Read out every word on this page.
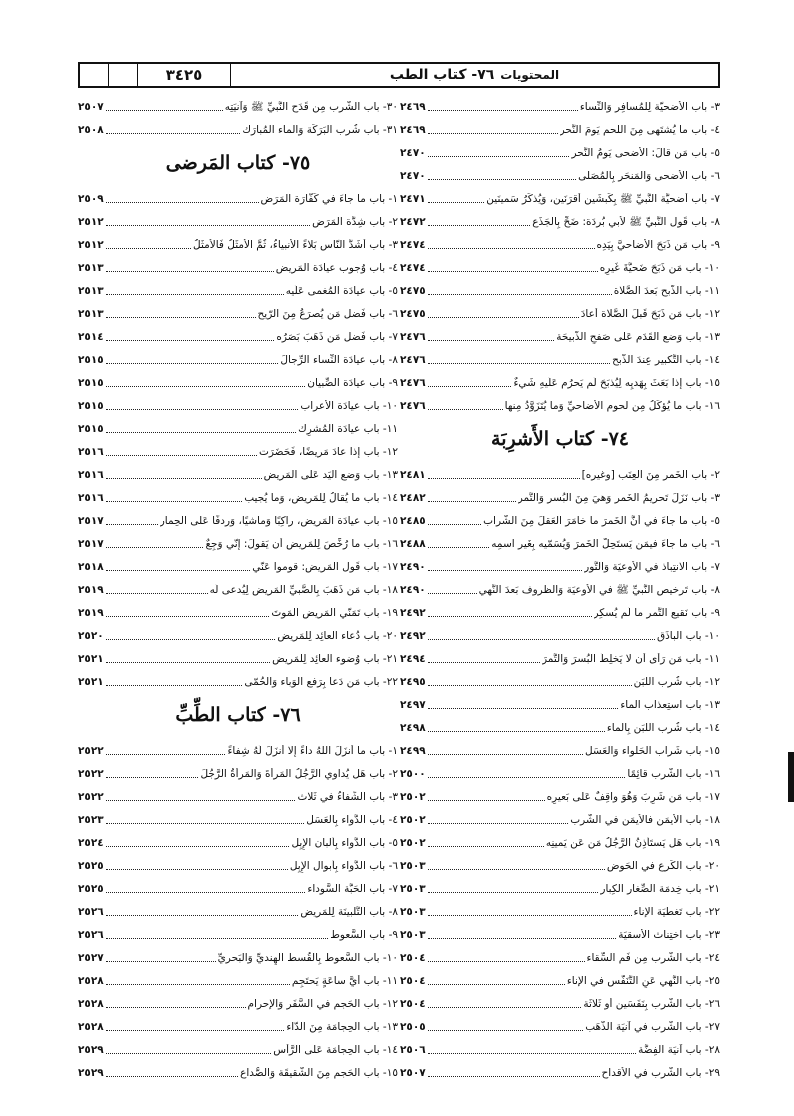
المحتويات
٧٦- كتاب الطب
٣٤٢٥
٣- باب الأُضحيّة لِلمُسافِر وَالنِّساء
٢٤٦٩
٤- باب ما يُشتَهى مِنَ اللَّحم يَومَ النَّحر
٢٤٦٩
٥- باب مَن قالَ: الأَضحى يَومُ النَّحر
٢٤٧٠
٦- باب الأَضحى وَالمَنحَر بِالمُصَلّى
٢٤٧٠
٧- باب أُضحيَّة النَّبيِّ ﷺ بِكَبشَين أَقرَنَين، وَيُذكَرُ سَمينَين
٢٤٧١
٨- باب قَول النَّبيِّ ﷺ لأَبي بُردَة: ضَحِّ بِالجَذَع
٢٤٧٢
٩- باب مَن ذَبَحَ الأَضاحيَّ بِيَدِه
٢٤٧٤
١٠- باب مَن ذَبَحَ ضَحيَّةَ غَيرِه
٢٤٧٤
١١- باب الذَّبح بَعدَ الصَّلاة
٢٤٧٥
١٢- باب مَن ذَبَحَ قَبلَ الصَّلاة أَعادَ
٢٤٧٥
١٣- باب وَضع القَدَم عَلى صَفحِ الذَّبيحَة
٢٤٧٦
١٤- باب التَّكبير عِندَ الذَّبح
٢٤٧٦
١٥- باب إذا بَعَثَ بِهَديِه لِيُذبَحَ لَم يَحرُم عَلَيهِ شَيءٌ
٢٤٧٦
١٦- باب ما يُؤكَلُ مِن لُحوم الأَضاحيِّ وَما يُتَزَوَّدُ مِنها
٢٤٧٦
٧٤- كتاب الأَشرِبَة
٢- باب الخَمر مِنَ العِنَب [وغيره]
٢٤٨١
٣- باب نَزَلَ تَحريمُ الخَمر وَهيَ مِنَ البُسر وَالتَّمر
٢٤٨٢
٥- باب ما جاءَ في أَنَّ الخَمرَ ما خامَرَ العَقلَ مِنَ الشَّراب
٢٤٨٥
٦- باب ما جاءَ فيمَن يَستَحِلُّ الخَمرَ وَيُسَمّيه بِغَير اسمِه
٢٤٨٨
٧- باب الانتِباذ في الأَوعيَة وَالتَّور
٢٤٩٠
٨- باب تَرخيص النَّبيِّ ﷺ في الأَوعيَة وَالظُّروف بَعدَ النَّهي
٢٤٩٠
٩- باب نَقيع التَّمر ما لَم يُسكِر
٢٤٩٢
١٠- باب الباذَق
٢٤٩٢
١١- باب مَن رَأى أَن لا يَخلِطَ البُسرَ وَالتَّمرَ
٢٤٩٤
١٢- باب شُرب اللَّبَن
٢٤٩٥
١٣- باب استِعذاب الماء
٢٤٩٧
١٤- باب شُرب اللَّبَن بِالماء
٢٤٩٨
١٥- باب شَراب الحَلواء وَالعَسَل
٢٤٩٩
١٦- باب الشُّرب قائِمًا
٢٥٠٠
١٧- باب مَن شَرِبَ وَهُوَ واقِفٌ عَلى بَعيرِه
٢٥٠٢
١٨- باب الأَيمَن فالأَيمَن في الشُّرب
٢٥٠٢
١٩- باب هَل يَستَأذِنُ الرَّجُلُ مَن عَن يَمينِه
٢٥٠٢
٢٠- باب الكَرع في الحَوض
٢٥٠٣
٢١- باب خِدمَة الصِّغار الكِبار
٢٥٠٣
٢٢- باب تَغطيَة الإناء
٢٥٠٣
٢٣- باب اختِناث الأَسقيَة
٢٥٠٣
٢٤- باب الشُّرب مِن فَم السِّقاء
٢٥٠٤
٢٥- باب النَّهي عَنِ التَّنَفُّس في الإناء
٢٥٠٤
٢٦- باب الشُّرب بِنَفَسَين أَو ثَلاثَة
٢٥٠٤
٢٧- باب الشُّرب في آنيَة الذَّهَب
٢٥٠٥
٢٨- باب آنيَة الفِضَّة
٢٥٠٦
٢٩- باب الشُّرب في الأَقداح
٢٥٠٧
٣٠- باب الشُّرب مِن قَدَح النَّبيِّ ﷺ وَآنيَتِه
٢٥٠٧
٣١- باب شُرب البَرَكَة وَالماء المُبارَك
٢٥٠٨
٧٥- كتاب المَرضى
١- باب ما جاءَ في كَفّارَة المَرَض
٢٥٠٩
٢- باب شِدَّة المَرَض
٢٥١٢
٣- باب أَشَدُّ النّاس بَلاءً الأَنبياءُ، ثُمَّ الأَمثَلُ فَالأَمثَلُ
٢٥١٢
٤- باب وُجوب عيادَة المَريض
٢٥١٣
٥- باب عيادَة المُغمى عَلَيه
٢٥١٣
٦- باب فَضل مَن يُصرَعُ مِنَ الرّيح
٢٥١٣
٧- باب فَضل مَن ذَهَبَ بَصَرُه
٢٥١٤
٨- باب عيادَة النِّساء الرِّجالَ
٢٥١٥
٩- باب عيادَة الصِّبيان
٢٥١٥
١٠- باب عيادَة الأَعراب
٢٥١٥
١١- باب عيادَة المُشرِك
٢٥١٥
١٢- باب إذا عادَ مَريضًا، فَحَضَرَت
٢٥١٦
١٣- باب وَضع اليَد عَلى المَريض
٢٥١٦
١٤- باب ما يُقالُ لِلمَريض، وَما يُجيب
٢٥١٦
١٥- باب عيادَة المَريض، راكِبًا وَماشيًا، وَردفًا عَلى الحِمار
٢٥١٧
١٦- باب ما رُخِّصَ لِلمَريض أَن يَقولَ: إنّي وَجِعٌ
٢٥١٧
١٧- باب قَول المَريض: قوموا عَنّي
٢٥١٨
١٨- باب مَن ذَهَبَ بِالصَّبيِّ المَريض لِيُدعى لَه
٢٥١٩
١٩- باب تَمَنّي المَريض المَوتَ
٢٥١٩
٢٠- باب دُعاء العائِد لِلمَريض
٢٥٢٠
٢١- باب وُضوء العائِد لِلمَريض
٢٥٢١
٢٢- باب مَن دَعا بِرَفع الوَباء وَالحُمّى
٢٥٢١
٧٦- كتاب الطِّبِّ
١- باب ما أَنزَلَ اللهُ داءً إلّا أَنزَلَ لَهُ شِفاءً
٢٥٢٢
٢- باب هَل يُداوي الرَّجُلُ المَرأَةَ وَالمَرأَةُ الرَّجُلَ
٢٥٢٢
٣- باب الشِّفاءُ في ثَلاث
٢٥٢٢
٤- باب الدَّواء بِالعَسَل
٢٥٢٣
٥- باب الدَّواء بِأَلبان الإِبِل
٢٥٢٤
٦- باب الدَّواء بِأَبوال الإِبِل
٢٥٢٥
٧- باب الحَبَّة السَّوداء
٢٥٢٥
٨- باب التَّلبينَة لِلمَريض
٢٥٢٦
٩- باب السَّعوط
٢٥٢٦
١٠- باب السَّعوط بِالقُسط الهِنديِّ وَالبَحريِّ
٢٥٢٧
١١- باب أَيَّ ساعَةٍ يَحتَجِم
٢٥٢٨
١٢- باب الحَجم في السَّفَر وَالإحرام
٢٥٢٨
١٣- باب الحِجامَة مِنَ الدّاء
٢٥٢٨
١٤- باب الحِجامَة عَلى الرَّأس
٢٥٢٩
١٥- باب الحَجم مِنَ الشَّقيقَة وَالصُّداع
٢٥٢٩
